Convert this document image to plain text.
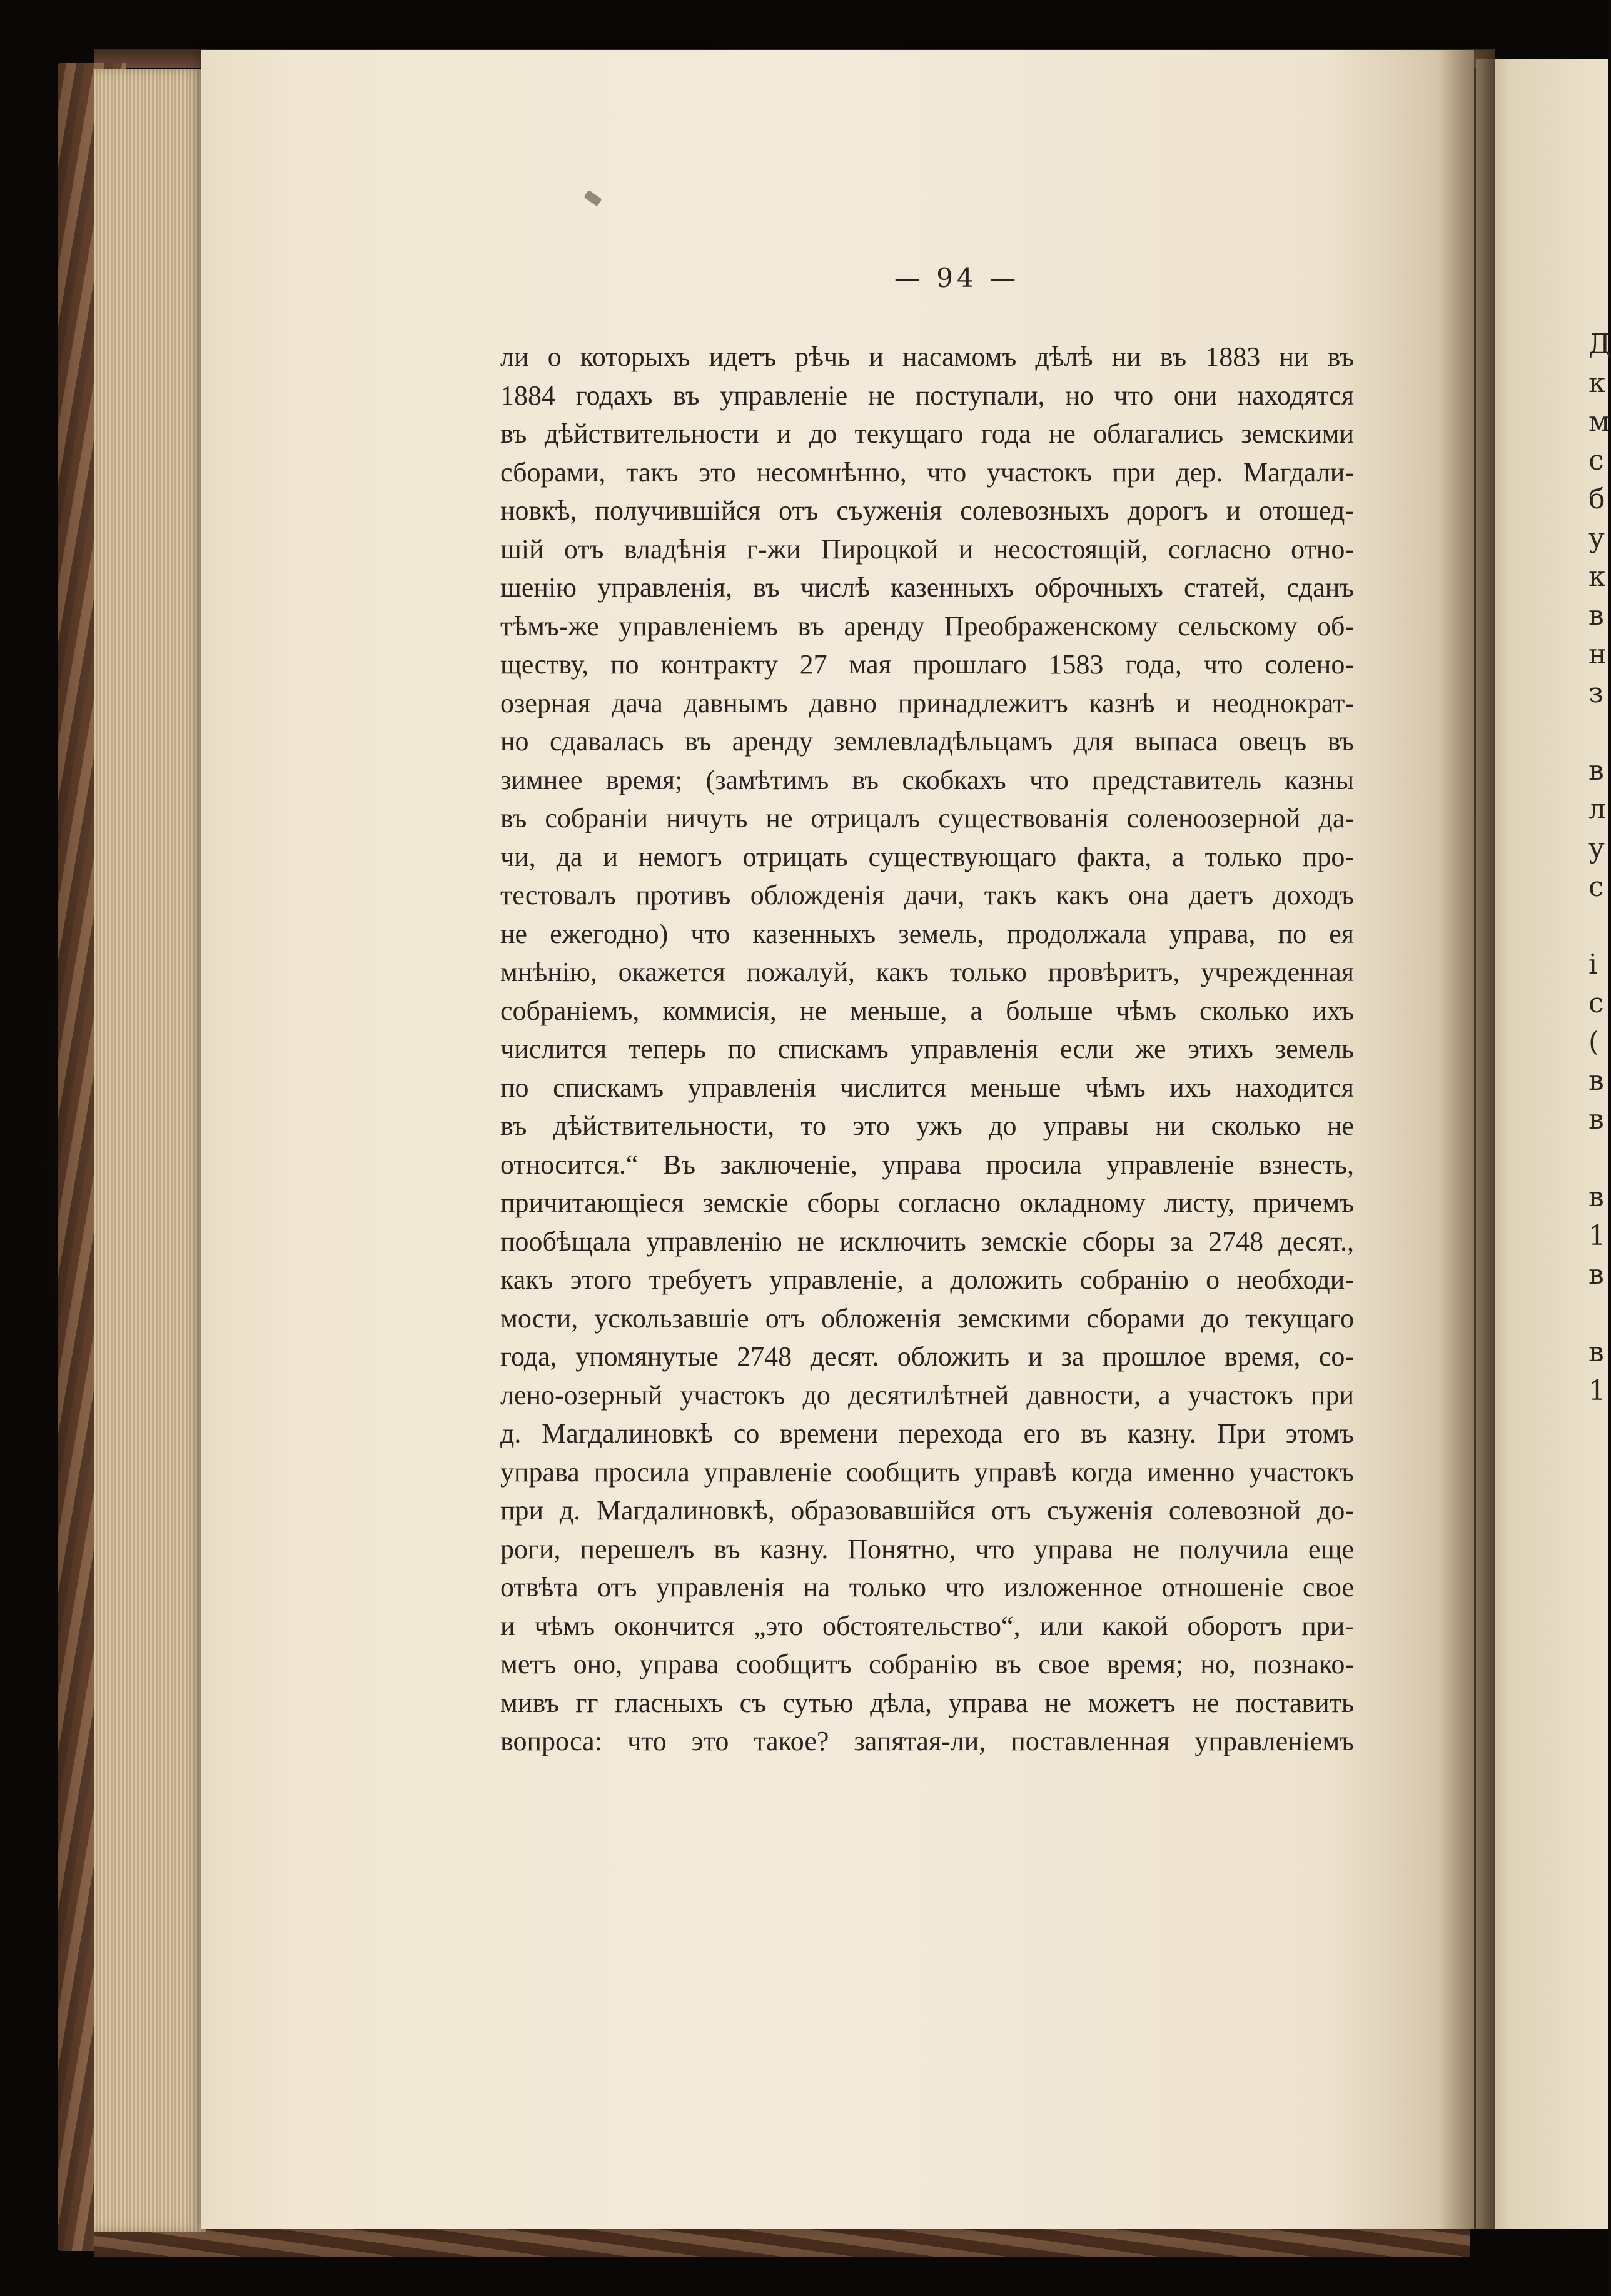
Д
к
м
с
б
у
к
в
н
з

в
л
у
с

і
с
(
в
в

в
1
в

в
1
— 94 —
ли о которыхъ идетъ рѣчь и насамомъ дѣлѣ ни въ 1883 ни въ
1884 годахъ въ управленіе не поступали, но что они находятся
въ дѣйствительности и до текущаго года не облагались земскими
сборами, такъ это несомнѣнно, что участокъ при дер. Магдали-
новкѣ, получившійся отъ съуженія солевозныхъ дорогъ и отошед-
шій отъ владѣнія г-жи Пироцкой и несостоящій, согласно отно-
шенію управленія, въ числѣ казенныхъ оброчныхъ статей, сданъ
тѣмъ-же управленіемъ въ аренду Преображенскому сельскому об-
ществу, по контракту 27 мая прошлаго 1583 года, что солено-
озерная дача давнымъ давно принадлежитъ казнѣ и неоднократ-
но сдавалась въ аренду землевладѣльцамъ для выпаса овецъ въ
зимнее время; (замѣтимъ въ скобкахъ что представитель казны
въ собраніи ничуть не отрицалъ существованія соленоозерной да-
чи, да и немогъ отрицать существующаго факта, а только про-
тестовалъ противъ обложденія дачи, такъ какъ она даетъ доходъ
не ежегодно) что казенныхъ земель, продолжала управа, по ея
мнѣнію, окажется пожалуй, какъ только провѣритъ, учрежденная
собраніемъ, коммисія, не меньше, а больше чѣмъ сколько ихъ
числится теперь по спискамъ управленія если же этихъ земель
по спискамъ управленія числится меньше чѣмъ ихъ находится
въ дѣйствительности, то это ужъ до управы ни сколько не
относится.“ Въ заключеніе, управа просила управленіе взнесть,
причитающіеся земскіе сборы согласно окладному листу, причемъ
пообѣщала управленію не исключить земскіе сборы за 2748 десят.,
какъ этого требуетъ управленіе, а доложить собранію о необходи-
мости, ускользавшіе отъ обложенія земскими сборами до текущаго
года, упомянутые 2748 десят. обложить и за прошлое время, со-
лено-озерный участокъ до десятилѣтней давности, а участокъ при
д. Магдалиновкѣ со времени перехода его въ казну. При этомъ
управа просила управленіе сообщить управѣ когда именно участокъ
при д. Магдалиновкѣ, образовавшійся отъ съуженія солевозной до-
роги, перешелъ въ казну. Понятно, что управа не получила еще
отвѣта отъ управленія на только что изложенное отношеніе свое
и чѣмъ окончится „это обстоятельство“, или какой оборотъ при-
метъ оно, управа сообщитъ собранію въ свое время; но, познако-
мивъ гг гласныхъ съ сутью дѣла, управа не можетъ не поставить
вопроса: что это такое? запятая-ли, поставленная управленіемъ
